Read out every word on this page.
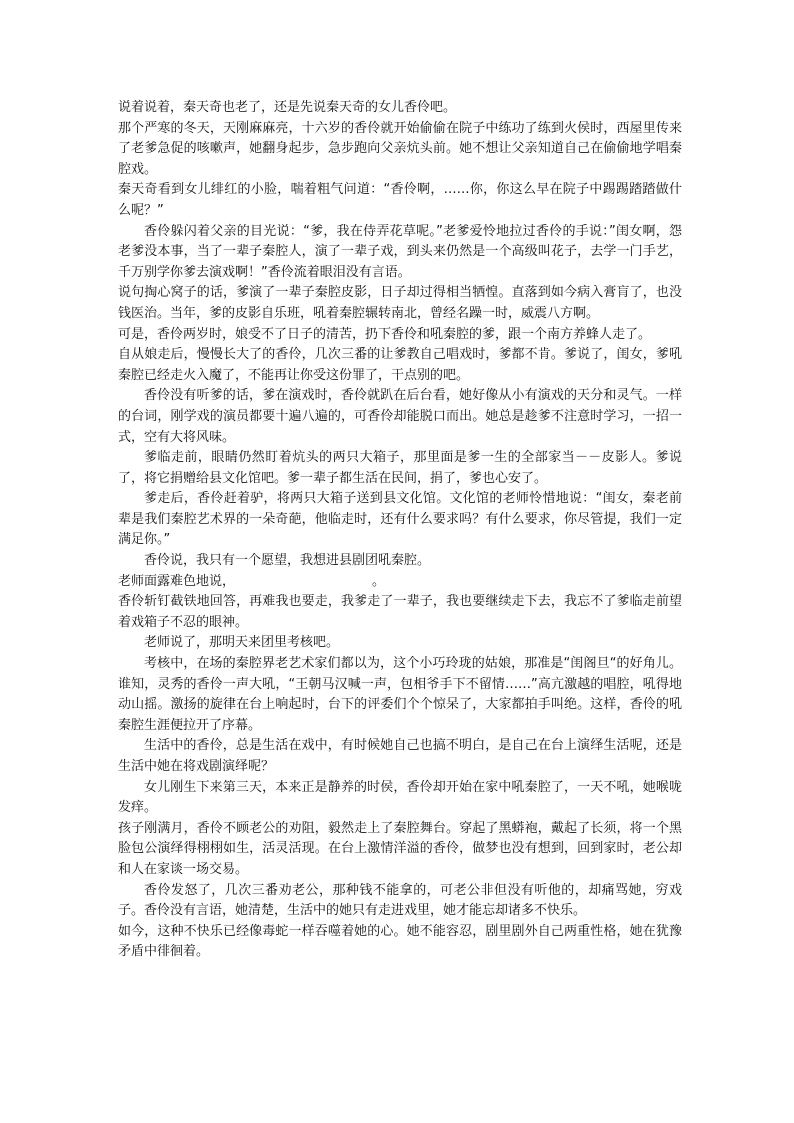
说着说着，秦天奇也老了，还是先说秦天奇的女儿香伶吧。

那个严寒的冬天，天刚麻麻亮，十六岁的香伶就开始偷偷在院子中练功了练到火侯时，西屋里传来了老爹急促的咳嗽声，她翻身起步，急步跑向父亲炕头前。她不想让父亲知道自己在偷偷地学唱秦腔戏。

秦天奇看到女儿绯红的小脸，喘着粗气问道：“香伶啊，……你，你这么早在院子中踢踢踏踏做什么呢？”

香伶躲闪着父亲的目光说：“爹，我在侍弄花草呢。”老爹爱怜地拉过香伶的手说：”闺女啊，怨老爹没本事，当了一辈子秦腔人，演了一辈子戏，到头来仍然是一个高级叫花子，去学一门手艺，千万别学你爹去演戏啊！”香伶流着眼泪没有言语。

说句掏心窝子的话，爹演了一辈子秦腔皮影，日子却过得相当牺惶。直落到如今病入膏肓了，也没钱医治。当年，爹的皮影自乐班，吼着秦腔辗转南北，曾经名躁一时，威震八方啊。

可是，香伶两岁时，娘受不了日子的清苦，扔下香伶和吼秦腔的爹，跟一个南方养蜂人走了。

自从娘走后，慢慢长大了的香伶，几次三番的让爹教自己唱戏时，爹都不肯。爹说了，闺女，爹吼秦腔已经走火入魔了，不能再让你受这份罪了，干点别的吧。

香伶没有听爹的话，爹在演戏时，香伶就趴在后台看，她好像从小有演戏的天分和灵气。一样的台词，刚学戏的演员都要十遍八遍的，可香伶却能脱口而出。她总是趁爹不注意时学习，一招一式，空有大将风味。

爹临走前，眼睛仍然盯着炕头的两只大箱子，那里面是爹一生的全部家当－－皮影人。爹说了，将它捐赠给县文化馆吧。爹一辈子都生活在民间，捐了，爹也心安了。

爹走后，香伶赶着驴，将两只大箱子送到县文化馆。文化馆的老师怜惜地说：“闺女，秦老前辈是我们秦腔艺术界的一朵奇葩，他临走时，还有什么要求吗？有什么要求，你尽管提，我们一定满足你。”

香伶说，我只有一个愿望，我想进县剧团吼秦腔。

老师面露难色地说，	。

香伶斩钉截铁地回答，再难我也要走，我爹走了一辈子，我也要继续走下去，我忘不了爹临走前望着戏箱子不忍的眼神。

老师说了，那明天来团里考核吧。

考核中，在场的秦腔界老艺术家们都以为，这个小巧玲珑的姑娘，那准是“闺阁旦“的好角儿。谁知，灵秀的香伶一声大吼，“王朝马汉喊一声，包相爷手下不留情……”高亢激越的唱腔，吼得地动山摇。激扬的旋律在台上响起时，台下的评委们个个惊呆了，大家都拍手叫绝。这样，香伶的吼秦腔生涯便拉开了序幕。

生活中的香伶，总是生活在戏中，有时候她自己也搞不明白，是自己在台上演绎生活呢，还是生活中她在将戏剧演绎呢？

女儿刚生下来第三天，本来正是静养的时侯，香伶却开始在家中吼秦腔了，一天不吼，她喉咙发痒。

孩子刚满月，香伶不顾老公的劝阻，毅然走上了秦腔舞台。穿起了黑蟒袍，戴起了长须，将一个黑脸包公演绎得栩栩如生，活灵活现。在台上激情洋溢的香伶，做梦也没有想到，回到家时，老公却和人在家谈一场交易。

香伶发怒了，几次三番劝老公，那种钱不能拿的，可老公非但没有听他的，却痛骂她，穷戏子。香伶没有言语，她清楚，生活中的她只有走进戏里，她才能忘却诸多不快乐。

如今，这种不快乐已经像毒蛇一样吞噬着她的心。她不能容忍，剧里剧外自己两重性格，她在犹豫矛盾中徘徊着。
